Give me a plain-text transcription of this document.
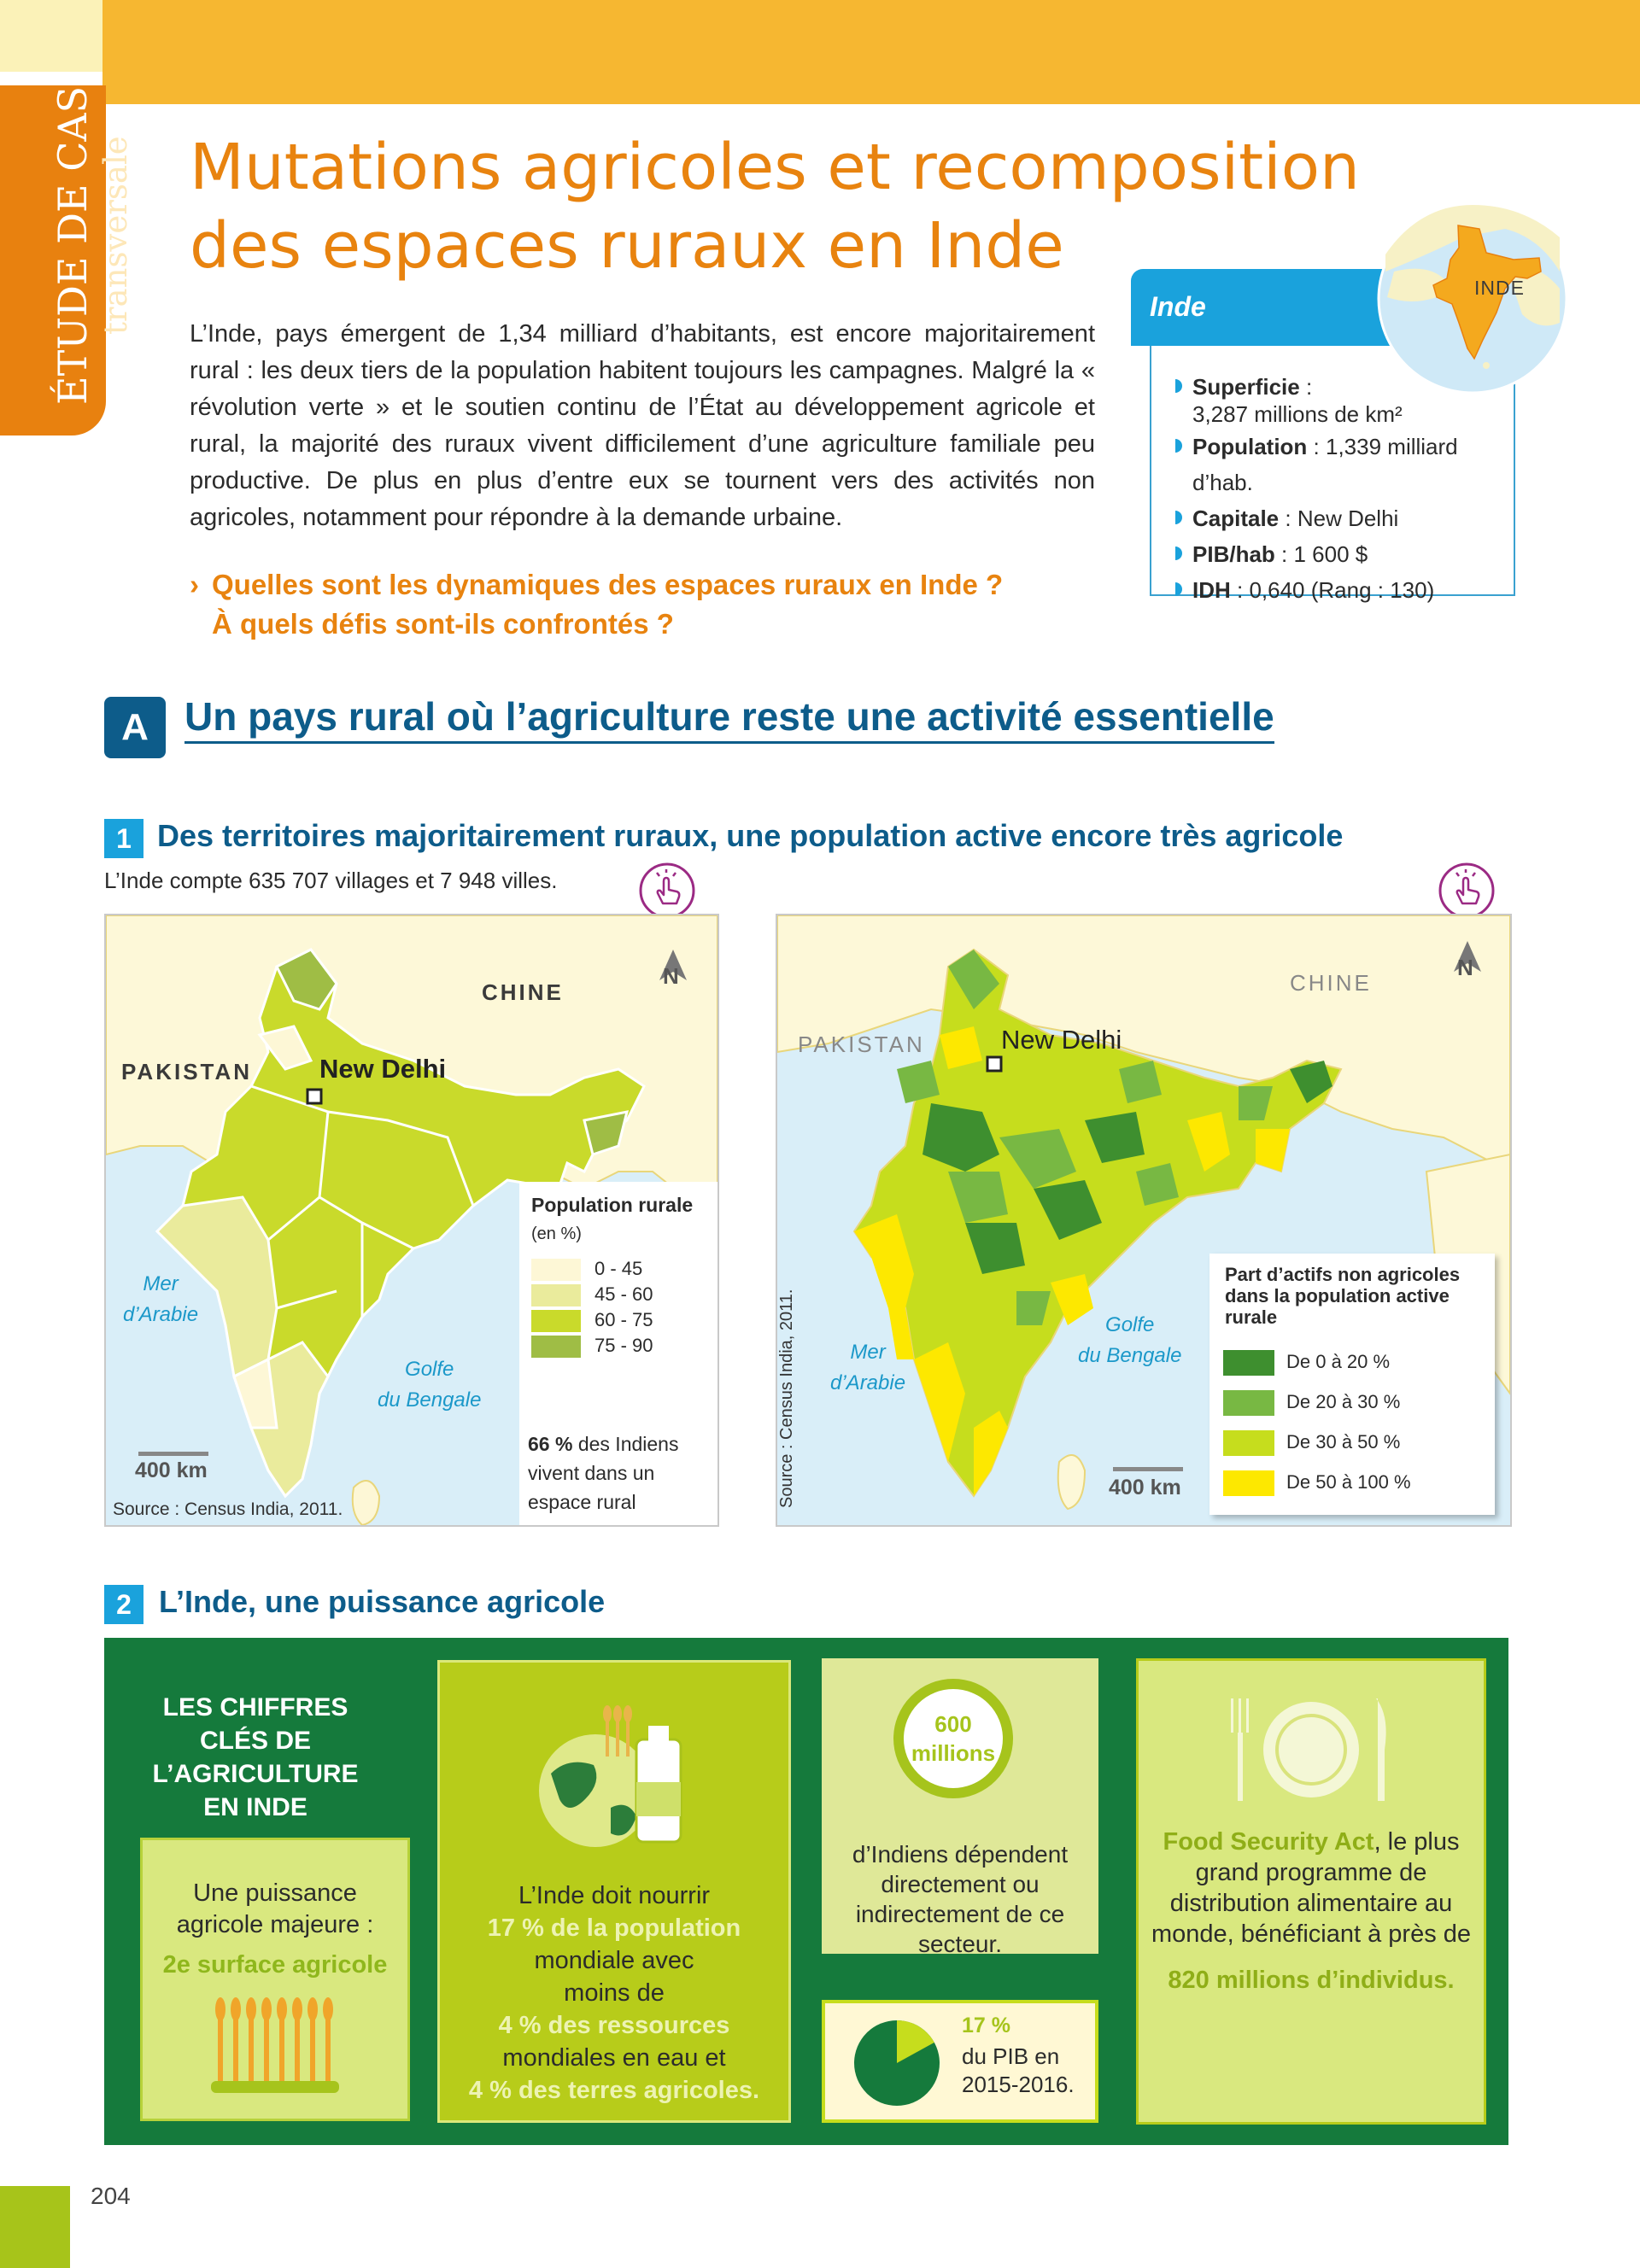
ÉTUDE DE CAS transversale Mutations agricoles et recomposition
des espaces ruraux en Inde
L’Inde, pays émergent de 1,34 milliard d’habitants, est encore majoritairement rural : les deux tiers de la population habitent toujours les campagnes. Malgré la « révolution verte » et le soutien continu de l’État au développement agricole et rural, la majorité des ruraux vivent difficilement d’une agriculture familiale peu productive. De plus en plus d’entre eux se tournent vers des activités non agricoles, notamment pour répondre à la demande urbaine.
› Quelles sont les dynamiques des espaces ruraux en Inde ?
À quels défis sont-ils confrontés ?
Inde
INDE
Superficie :
3,287 millions de km²
Population : 1,339 milliard d’hab.
Capitale : New Delhi
PIB/hab : 1 600 $
IDH : 0,640 (Rang : 130)
A Un pays rural où l’agriculture reste une activité essentielle
1 Des territoires majoritairement ruraux, une population active encore très agricole
L’Inde compte 635 707 villages et 7 948 villes.
CHINE
PAKISTAN	New Delhi
N
Mer
d’Arabie
Golfe
du Bengale
400 km
Source : Census India, 2011.
Population rurale
(en %)
0 - 45
45 - 60
60 - 75
75 - 90
66 % des Indiens vivent dans un espace rural
CHINE
PAKISTAN	New Delhi
N
Mer
d’Arabie
Golfe
du Bengale
400 km
Source : Census India, 2011.
Part d’actifs non agricoles dans la population active rurale
De 0 à 20 %
De 20 à 30 %
De 30 à 50 %
De 50 à 100 %
2 L’Inde, une puissance agricole
LES CHIFFRES CLÉS DE L’AGRICULTURE EN INDE
Une puissance agricole majeure :
2e surface agricole
L’Inde doit nourrir
17 % de la population
mondiale avec moins de
4 % des ressources
mondiales en eau et
4 % des terres agricoles.
600 millions
d’Indiens dépendent directement ou indirectement de ce secteur.
17 %
du PIB en 2015-2016.
Food Security Act, le plus grand programme de distribution alimentaire au monde, bénéficiant à près de
820 millions d’individus.
204
